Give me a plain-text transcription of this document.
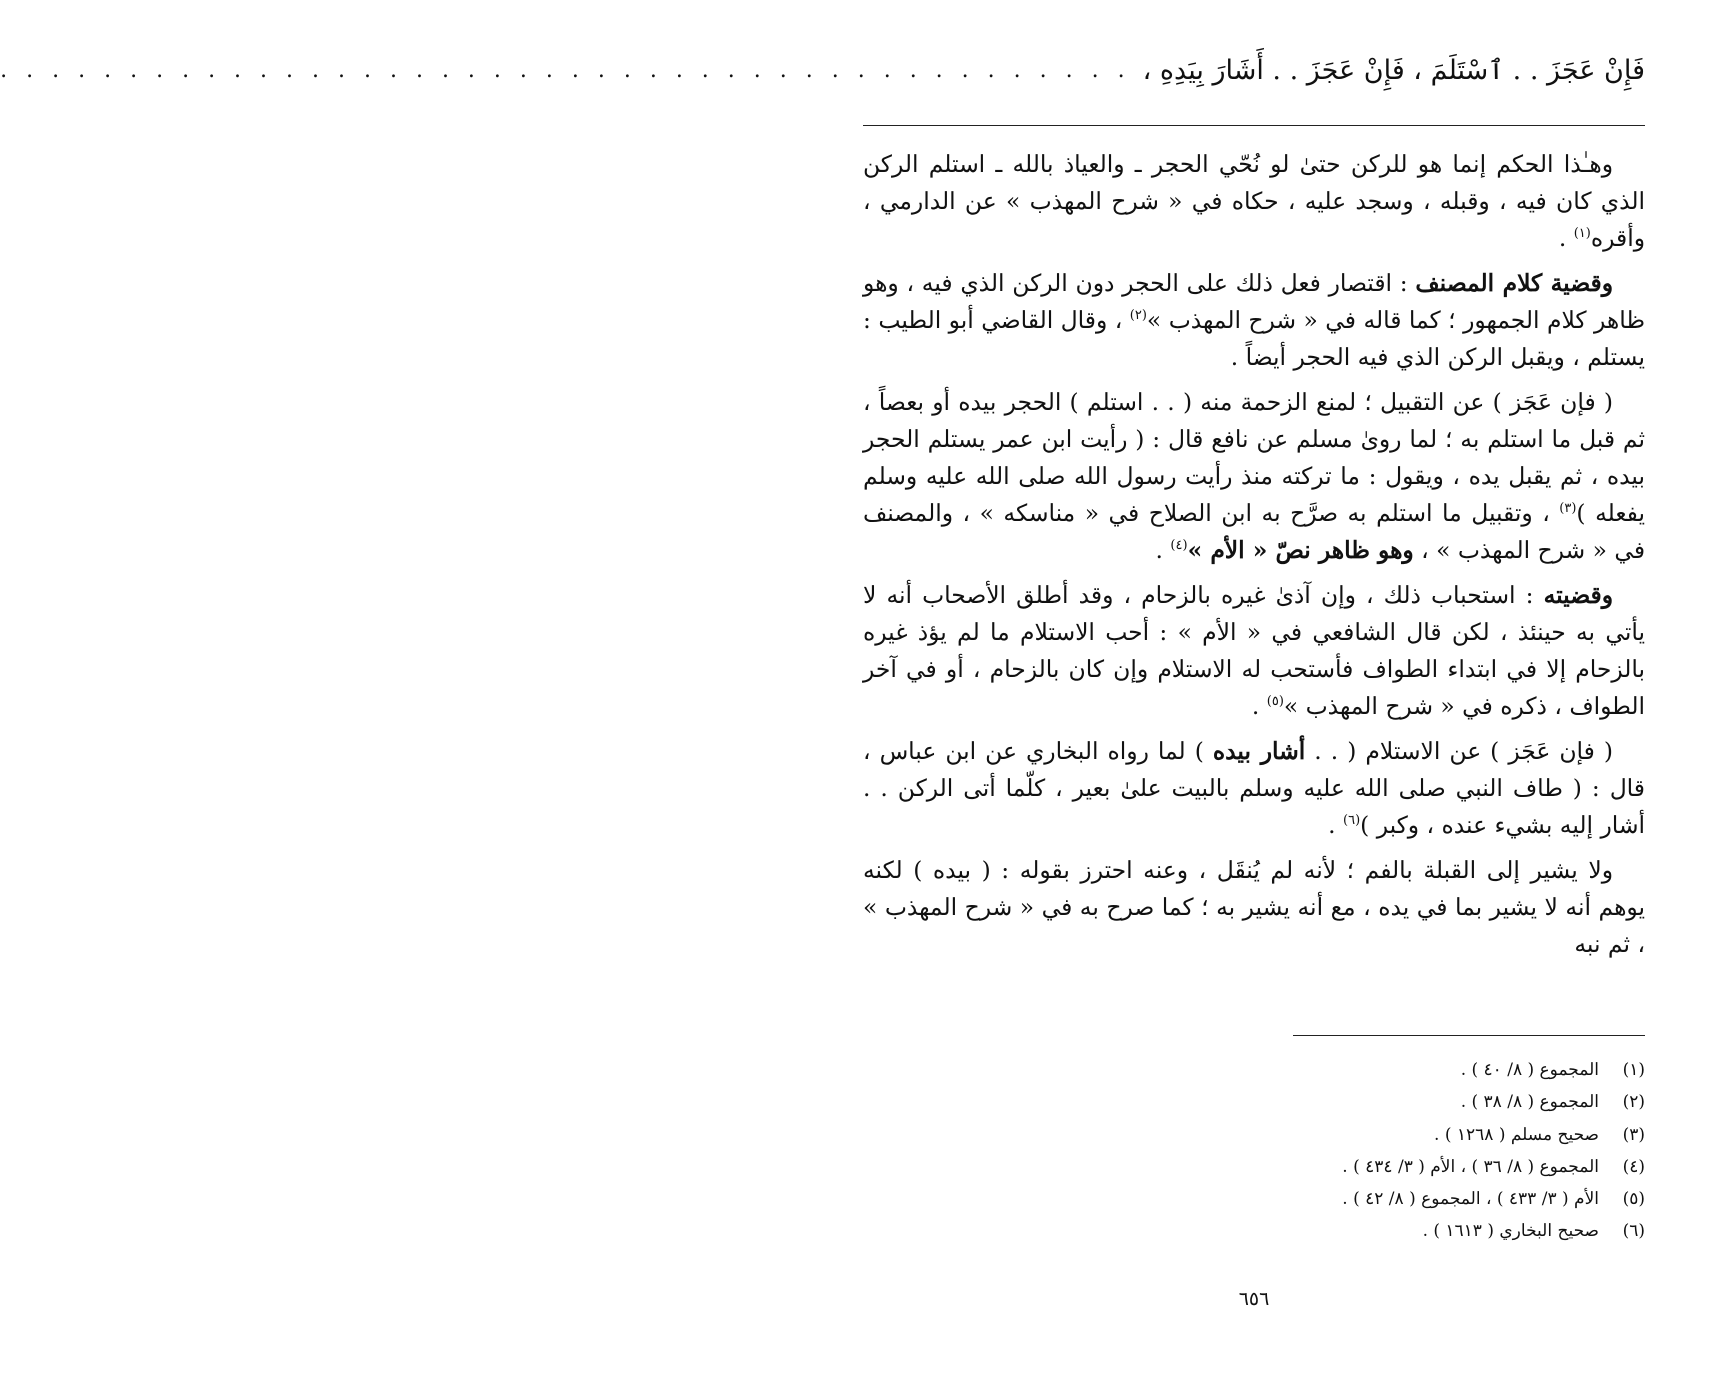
فَإِنْ عَجَزَ . . ٱسْتَلَمَ ، فَإِنْ عَجَزَ . . أَشَارَ بِيَدِهِ ،
. . . . . . . . . . . . . . . . . . . . . . . . . . . . . . . . . . . . . . . . . . . .

وهـٰذا الحكم إنما هو للركن حتىٰ لو نُحّي الحجر ـ والعياذ بالله ـ استلم الركن الذي كان فيه ، وقبله ، وسجد عليه ، حكاه في « شرح المهذب » عن الدارمي ، وأقره$^{(١)}$ .

وقضية كلام المصنف : اقتصار فعل ذلك على الحجر دون الركن الذي فيه ، وهو ظاهر كلام الجمهور ؛ كما قاله في « شرح المهذب »$^{(٢)}$ ، وقال القاضي أبو الطيب : يستلم ، ويقبل الركن الذي فيه الحجر أيضاً .

( فإن عَجَز ) عن التقبيل ؛ لمنع الزحمة منه ( . . استلم ) الحجر بيده أو بعصاً ، ثم قبل ما استلم به ؛ لما روىٰ مسلم عن نافع قال : ( رأيت ابن عمر يستلم الحجر بيده ، ثم يقبل يده ، ويقول : ما تركته منذ رأيت رسول الله صلى الله عليه وسلم يفعله )$^{(٣)}$ ، وتقبيل ما استلم به صرَّح به ابن الصلاح في « مناسكه » ، والمصنف في « شرح المهذب » ، وهو ظاهر نصّ « الأم »$^{(٤)}$ .

وقضيته : استحباب ذلك ، وإن آذىٰ غيره بالزحام ، وقد أطلق الأصحاب أنه لا يأتي به حينئذ ، لكن قال الشافعي في « الأم » : أحب الاستلام ما لم يؤذ غيره بالزحام إلا في ابتداء الطواف فأستحب له الاستلام وإن كان بالزحام ، أو في آخر الطواف ، ذكره في « شرح المهذب »$^{(٥)}$ .

( فإن عَجَز ) عن الاستلام ( . . أشار بيده ) لما رواه البخاري عن ابن عباس ، قال : ( طاف النبي صلى الله عليه وسلم بالبيت علىٰ بعير ، كلّما أتى الركن . . أشار إليه بشيء عنده ، وكبر )$^{(٦)}$ .

ولا يشير إلى القبلة بالفم ؛ لأنه لم يُنقَل ، وعنه احترز بقوله : ( بيده ) لكنه يوهم أنه لا يشير بما في يده ، مع أنه يشير به ؛ كما صرح به في « شرح المهذب » ، ثم نبه

(١)
المجموع ( ٨/ ٤٠ ) .
(٢)
المجموع ( ٨/ ٣٨ ) .
(٣)
صحيح مسلم ( ١٢٦٨ ) .
(٤)
المجموع ( ٨/ ٣٦ ) ، الأم ( ٣/ ٤٣٤ ) .
(٥)
الأم ( ٣/ ٤٣٣ ) ، المجموع ( ٨/ ٤٢ ) .
(٦)
صحيح البخاري ( ١٦١٣ ) .
٦٥٦
